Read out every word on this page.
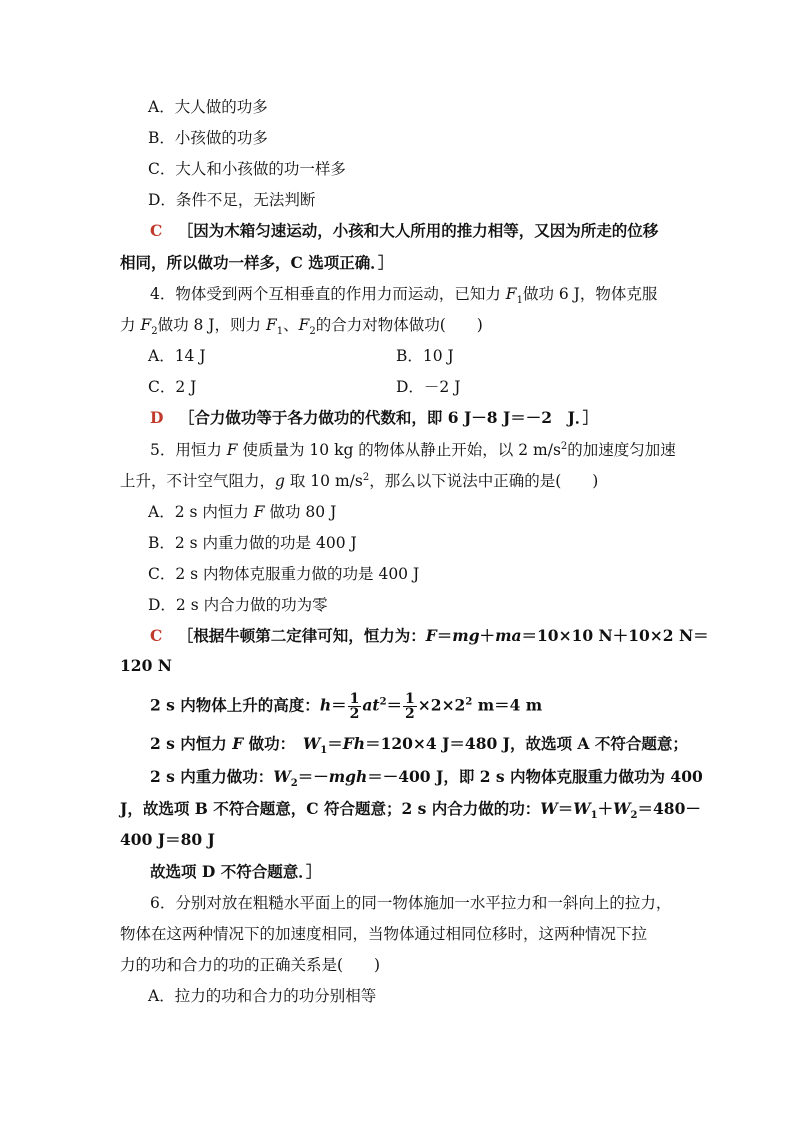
A．大人做的功多
B．小孩做的功多
C．大人和小孩做的功一样多
D．条件不足，无法判断
C ［因为木箱匀速运动，小孩和大人所用的推力相等，又因为所走的位移
相同，所以做功一样多，C 选项正确．］
4．物体受到两个互相垂直的作用力而运动，已知力 $F_1$做功 6 J，物体克服
力 $F_2$做功 8 J，则力 $F_1$、$F_2$的合力对物体做功(　　)
A．14 J	B．10 J
C．2 J	D．－2 J
D ［合力做功等于各力做功的代数和，即 6 J－8 J＝－2　J．］
5．用恒力 F 使质量为 10 kg 的物体从静止开始，以 2 $m/s^2$的加速度匀加速
上升，不计空气阻力，g 取 10 $m/s^2$，那么以下说法中正确的是(　　)
A．2 s 内恒力 F 做功 80 J
B．2 s 内重力做的功是 400 J
C．2 s 内物体克服重力做的功是 400 J
D．2 s 内合力做的功为零
C ［根据牛顿第二定律可知，恒力为：F＝mg＋ma＝10×10 N＋10×2 N＝
120 N
2 s 内物体上升的高度：$h= \frac{1}{2} at^2= \frac{1}{2} \times 2\times 2^2$ m＝4 m
2 s 内恒力 F 做功：　$W_1=Fh=120\times 4$ J＝480 J，故选项 A 不符合题意；
2 s 内重力做功：$W_2=-mgh=-400$ J，即 2 s 内物体克服重力做功为 400
J，故选项 B 不符合题意，C 符合题意；2 s 内合力做的功：$W=W_1+W_2=480-$
400 J＝80 J
故选项 D 不符合题意．］
6．分别对放在粗糙水平面上的同一物体施加一水平拉力和一斜向上的拉力，
物体在这两种情况下的加速度相同，当物体通过相同位移时，这两种情况下拉
力的功和合力的功的正确关系是(　　)
A．拉力的功和合力的功分别相等
